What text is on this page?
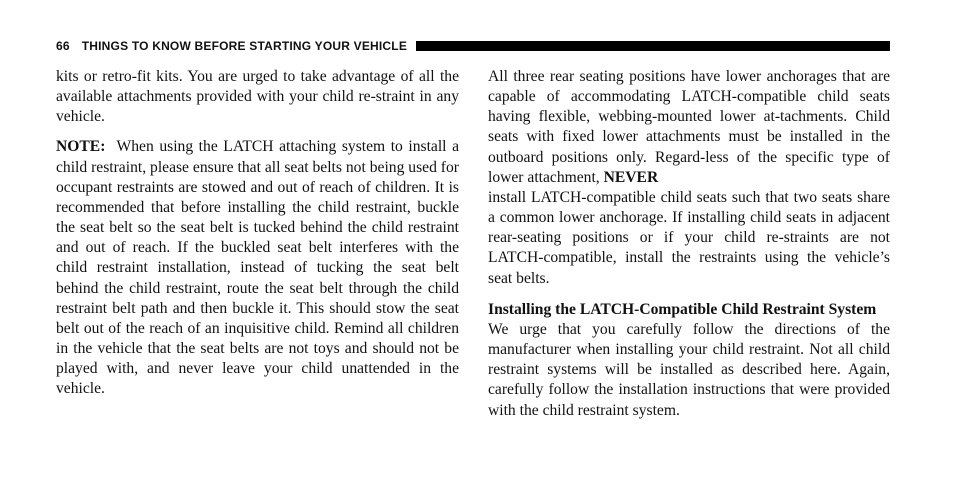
66 THINGS TO KNOW BEFORE STARTING YOUR VEHICLE

kits or retro-fit kits. You are urged to take advantage of all the available attachments provided with your child re-straint in any vehicle.

NOTE: When using the LATCH attaching system to install a child restraint, please ensure that all seat belts not being used for occupant restraints are stowed and out of reach of children. It is recommended that before installing the child restraint, buckle the seat belt so the seat belt is tucked behind the child restraint and out of reach. If the buckled seat belt interferes with the child restraint installation, instead of tucking the seat belt behind the child restraint, route the seat belt through the child restraint belt path and then buckle it. This should stow the seat belt out of the reach of an inquisitive child. Remind all children in the vehicle that the seat belts are not toys and should not be played with, and never leave your child unattended in the vehicle.

All three rear seating positions have lower anchorages that are capable of accommodating LATCH-compatible child seats having flexible, webbing-mounted lower at-tachments. Child seats with fixed lower attachments must be installed in the outboard positions only. Regard-less of the specific type of lower attachment, NEVER
install LATCH-compatible child seats such that two seats share a common lower anchorage. If installing child seats in adjacent rear-seating positions or if your child re-straints are not LATCH-compatible, install the restraints using the vehicle’s seat belts.

Installing the LATCH-Compatible Child Restraint System

We urge that you carefully follow the directions of the manufacturer when installing your child restraint. Not all child restraint systems will be installed as described here. Again, carefully follow the installation instructions that were provided with the child restraint system.
